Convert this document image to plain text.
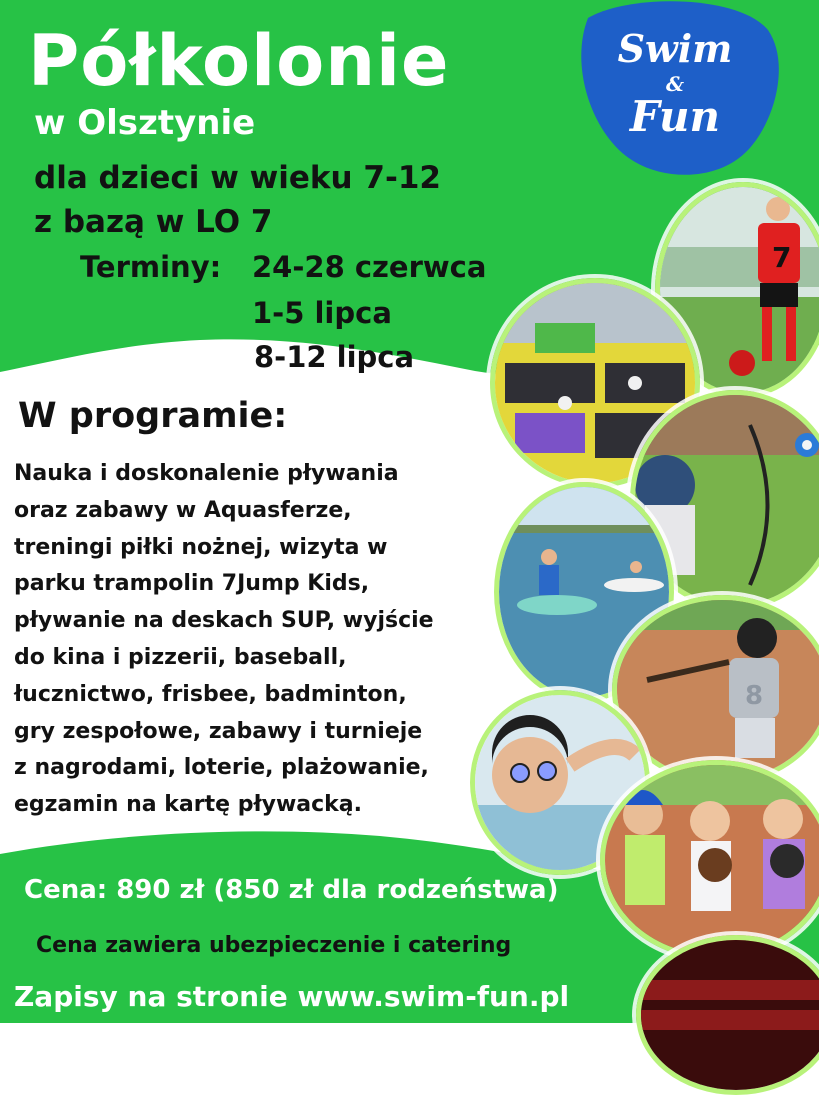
7
8
Swim
&
Fun
Półkolonie
w Olsztynie
dla dzieci w wieku 7-12
z bazą w LO 7
Terminy: 24-28 czerwca
1-5 lipca
8-12 lipca
W programie:
Nauka i doskonalenie pływania
oraz zabawy w Aquasferze,
treningi piłki nożnej, wizyta w
parku trampolin 7Jump Kids,
pływanie na deskach SUP, wyjście
do kina i pizzerii, baseball,
łucznictwo, frisbee, badminton,
gry zespołowe, zabawy i turnieje
z nagrodami, loterie, plażowanie,
egzamin na kartę pływacką.
Cena: 890 zł (850 zł dla rodzeństwa)
Cena zawiera ubezpieczenie i catering
Zapisy na stronie www.swim-fun.pl
